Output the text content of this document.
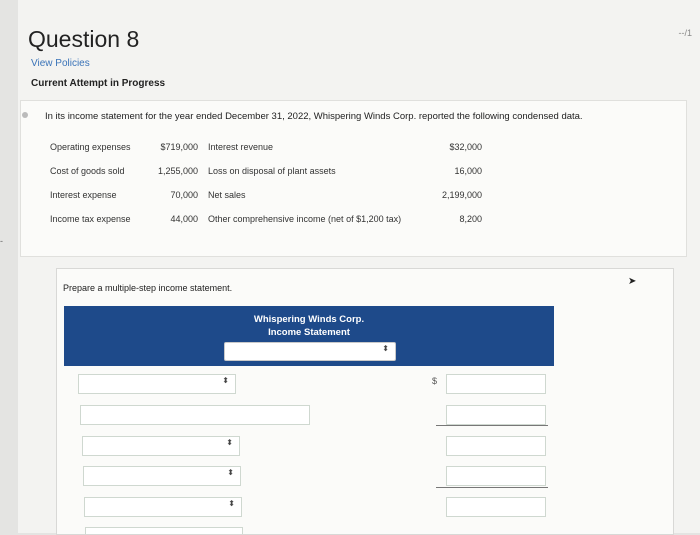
-
--/1
Question 8
View Policies
Current Attempt in Progress
In its income statement for the year ended December 31, 2022, Whispering Winds Corp. reported the following condensed data.
Operating expenses	$719,000 Interest revenue	$32,000
Cost of goods sold	1,255,000 Loss on disposal of plant assets	16,000
Interest expense	70,000 Net sales	2,199,000
Income tax expense	44,000 Other comprehensive income (net of $1,200 tax)	8,200
Prepare a multiple-step income statement.
Whispering Winds Corp.
Income Statement
⬍
⬍	$
⬍
⬍
⬍
➤
